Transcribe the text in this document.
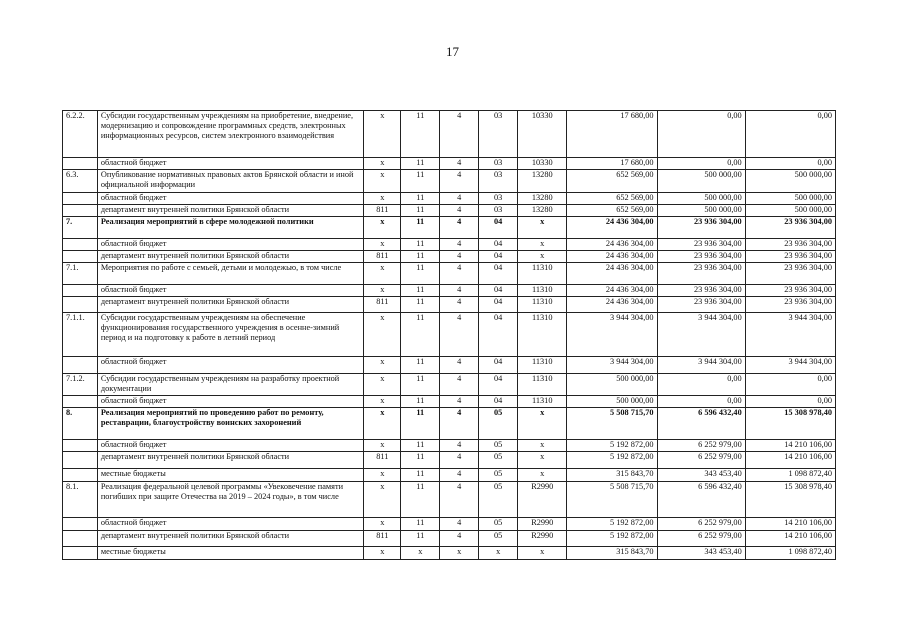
17
6.2.2.	Субсидии государственным учреждениям на приобретение, внедрение, модернизацию и сопровождение программных средств, электронных информационных ресурсов, систем электронного взаимодействия	х	11	4	03	10330	17 680,00	0,00	0,00
	областной бюджет	х	11	4	03	10330	17 680,00	0,00	0,00
6.3.	Опубликование нормативных правовых актов Брянской области и иной официальной информации	х	11	4	03	13280	652 569,00	500 000,00	500 000,00
	областной бюджет	х	11	4	03	13280	652 569,00	500 000,00	500 000,00
	департамент внутренней политики Брянской области	811	11	4	03	13280	652 569,00	500 000,00	500 000,00
7.	Реализация мероприятий в сфере молодежной политики	х	11	4	04	х	24 436 304,00	23 936 304,00	23 936 304,00
	областной бюджет	х	11	4	04	х	24 436 304,00	23 936 304,00	23 936 304,00
	департамент внутренней политики Брянской области	811	11	4	04	х	24 436 304,00	23 936 304,00	23 936 304,00
7.1.	Мероприятия по работе с семьей, детьми и молодежью, в том числе	х	11	4	04	11310	24 436 304,00	23 936 304,00	23 936 304,00
	областной бюджет	х	11	4	04	11310	24 436 304,00	23 936 304,00	23 936 304,00
	департамент внутренней политики Брянской области	811	11	4	04	11310	24 436 304,00	23 936 304,00	23 936 304,00
7.1.1.	Субсидии государственным учреждениям на обеспечение функционирования государственного учреждения в осенне-зимний период и на подготовку к работе в летний период	х	11	4	04	11310	3 944 304,00	3 944 304,00	3 944 304,00
	областной бюджет	х	11	4	04	11310	3 944 304,00	3 944 304,00	3 944 304,00
7.1.2.	Субсидии государственным учреждениям на разработку проектной документации	х	11	4	04	11310	500 000,00	0,00	0,00
	областной бюджет	х	11	4	04	11310	500 000,00	0,00	0,00
8.	Реализация мероприятий по проведению работ по ремонту, реставрации, благоустройству воинских захоронений	х	11	4	05	х	5 508 715,70	6 596 432,40	15 308 978,40
	областной бюджет	х	11	4	05	х	5 192 872,00	6 252 979,00	14 210 106,00
	департамент внутренней политики Брянской области	811	11	4	05	х	5 192 872,00	6 252 979,00	14 210 106,00
	местные бюджеты	х	11	4	05	х	315 843,70	343 453,40	1 098 872,40
8.1.	Реализация федеральной целевой программы «Увековечение памяти погибших при защите Отечества на 2019 – 2024 годы», в том числе	х	11	4	05	R2990	5 508 715,70	6 596 432,40	15 308 978,40
	областной бюджет	х	11	4	05	R2990	5 192 872,00	6 252 979,00	14 210 106,00
	департамент внутренней политики Брянской области	811	11	4	05	R2990	5 192 872,00	6 252 979,00	14 210 106,00
	местные бюджеты	х	х	х	х	х	315 843,70	343 453,40	1 098 872,40
